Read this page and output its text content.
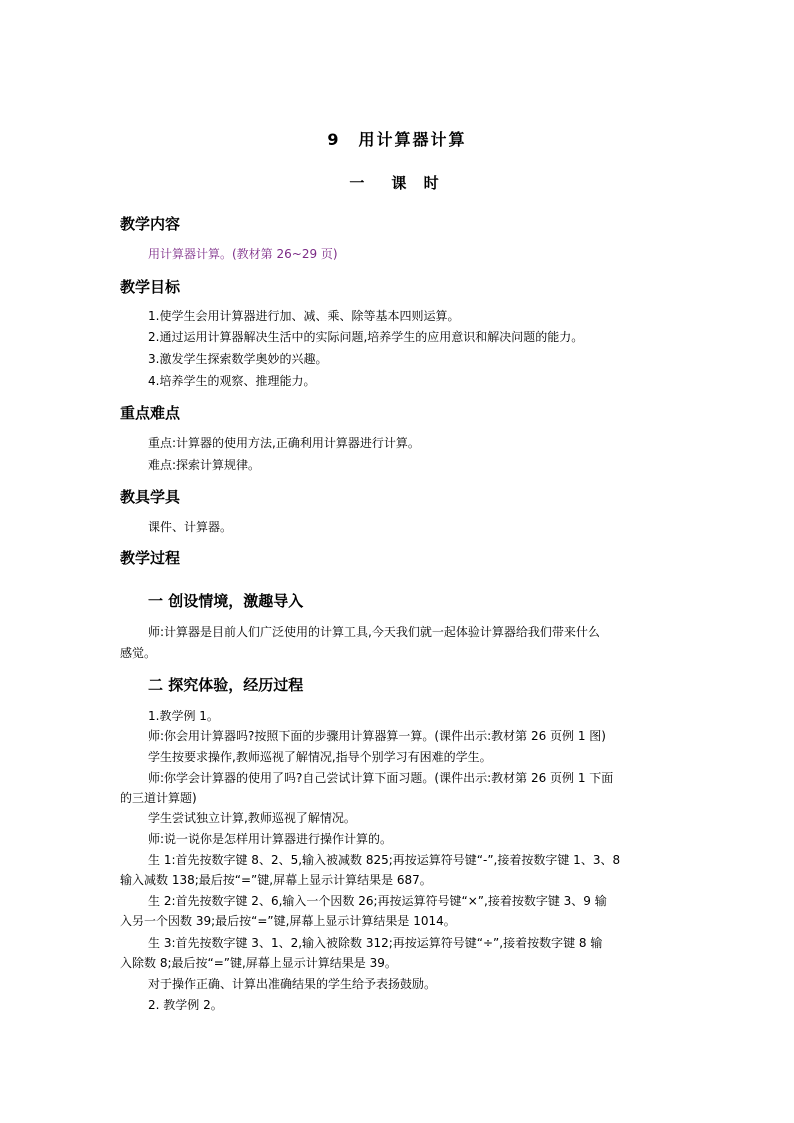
9　用计算器计算
一　课 时
教学内容
用计算器计算。(教材第 26~29 页)
教学目标
1.使学生会用计算器进行加、减、乘、除等基本四则运算。
2.通过运用计算器解决生活中的实际问题,培养学生的应用意识和解决问题的能力。
3.激发学生探索数学奥妙的兴趣。
4.培养学生的观察、推理能力。
重点难点
重点:计算器的使用方法,正确利用计算器进行计算。
难点:探索计算规律。
教具学具
课件、计算器。
教学过程
一 创设情境，激趣导入
师:计算器是目前人们广泛使用的计算工具,今天我们就一起体验计算器给我们带来什么
感觉。
二 探究体验，经历过程
1.教学例 1。
师:你会用计算器吗?按照下面的步骤用计算器算一算。(课件出示:教材第 26 页例 1 图)
学生按要求操作,教师巡视了解情况,指导个别学习有困难的学生。
师:你学会计算器的使用了吗?自己尝试计算下面习题。(课件出示:教材第 26 页例 1 下面
的三道计算题)
学生尝试独立计算,教师巡视了解情况。
师:说一说你是怎样用计算器进行操作计算的。
生 1:首先按数字键 8、2、5,输入被减数 825;再按运算符号键“-”,接着按数字键 1、3、8
输入减数 138;最后按“=”键,屏幕上显示计算结果是 687。
生 2:首先按数字键 2、6,输入一个因数 26;再按运算符号键“×”,接着按数字键 3、9 输
入另一个因数 39;最后按“=”键,屏幕上显示计算结果是 1014。
生 3:首先按数字键 3、1、2,输入被除数 312;再按运算符号键“÷”,接着按数字键 8 输
入除数 8;最后按“=”键,屏幕上显示计算结果是 39。
对于操作正确、计算出准确结果的学生给予表扬鼓励。
2. 教学例 2。
